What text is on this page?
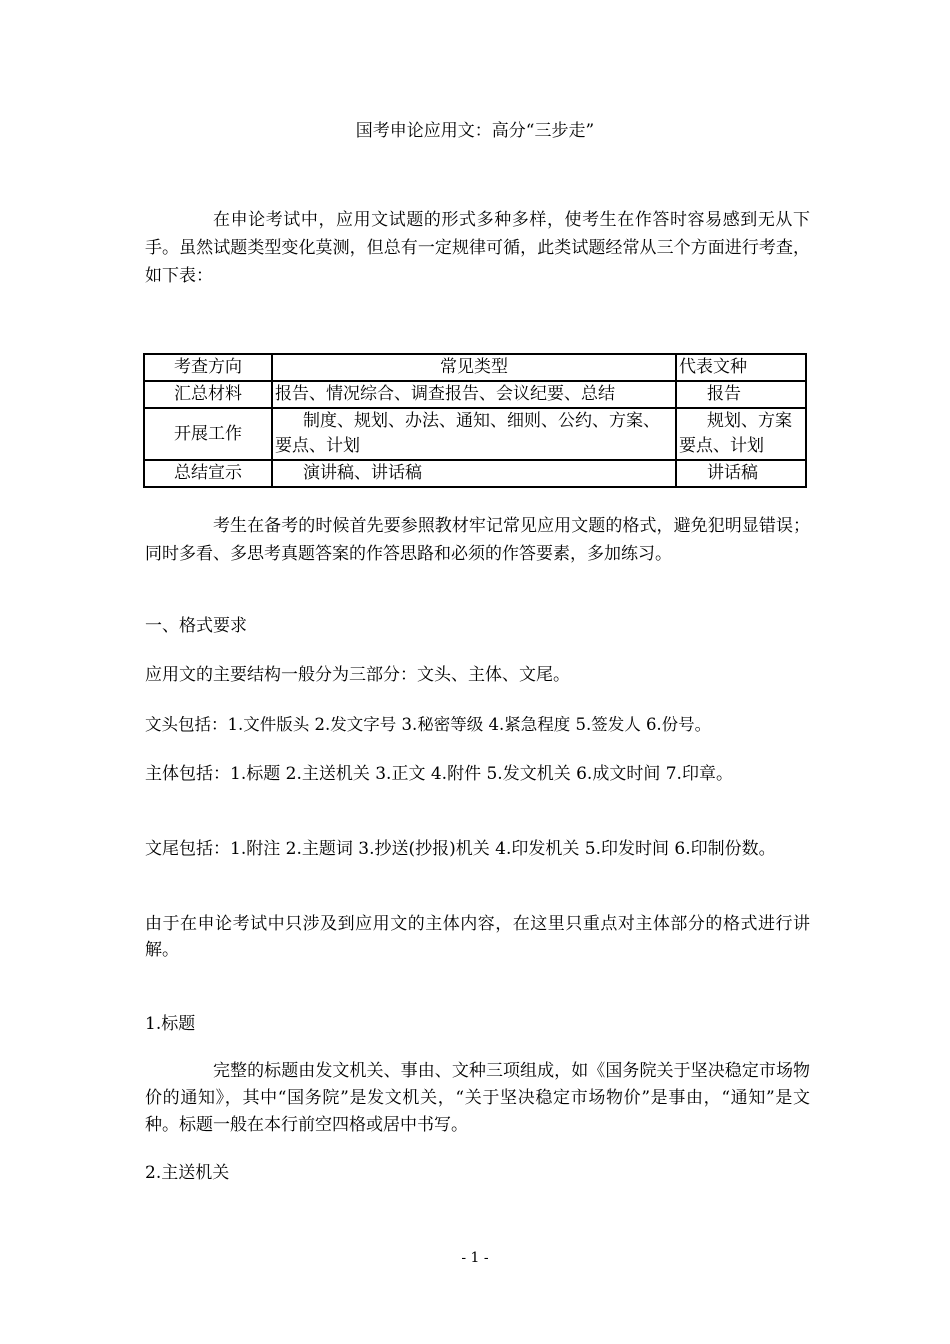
国考申论应用文：高分“三步走”

在申论考试中，应用文试题的形式多种多样，使考生在作答时容易感到无从下手。虽然试题类型变化莫测，但总有一定规律可循，此类试题经常从三个方面进行考查，如下表：

考查方向	常见类型	代表文种
汇总材料	报告、情况综合、调查报告、会议纪要、总结	报告
开展工作	制度、规划、办法、通知、细则、公约、方案、要点、计划	规划、方案要点、计划
总结宣示	演讲稿、讲话稿	讲话稿

考生在备考的时候首先要参照教材牢记常见应用文题的格式，避免犯明显错误；同时多看、多思考真题答案的作答思路和必须的作答要素，多加练习。

一、格式要求

应用文的主要结构一般分为三部分：文头、主体、文尾。

文头包括：1.文件版头 2.发文字号 3.秘密等级 4.紧急程度 5.签发人 6.份号。

主体包括：1.标题 2.主送机关 3.正文 4.附件 5.发文机关 6.成文时间 7.印章。

文尾包括：1.附注 2.主题词 3.抄送(抄报)机关 4.印发机关 5.印发时间 6.印制份数。

由于在申论考试中只涉及到应用文的主体内容，在这里只重点对主体部分的格式进行讲解。

1.标题

完整的标题由发文机关、事由、文种三项组成，如《国务院关于坚决稳定市场物价的通知》，其中“国务院”是发文机关，“关于坚决稳定市场物价”是事由，“通知”是文种。标题一般在本行前空四格或居中书写。

2.主送机关

- 1 -
